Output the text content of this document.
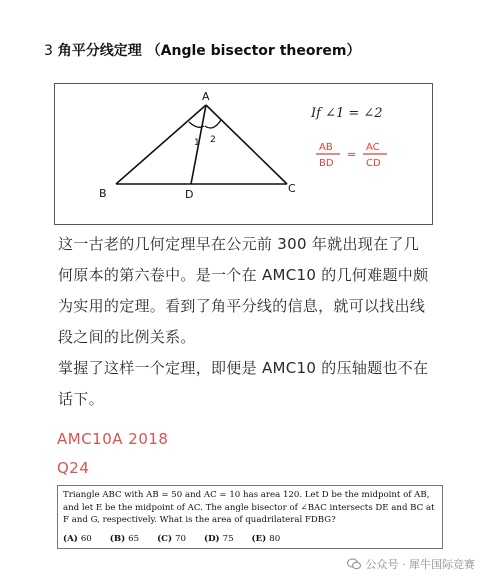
3 角平分线定理 （Angle bisector theorem）
A
B	C
D
1 2
If ∠1 = ∠2
AB
BD
=
AC
CD
这一古老的几何定理早在公元前 300 年就出现在了几何原本的第六卷中。是一个在 AMC10 的几何难题中颇为实用的定理。看到了角平分线的信息，就可以找出线段之间的比例关系。
掌握了这样一个定理，即便是 AMC10 的压轴题也不在话下。
AMC10A 2018
Q24
Triangle ABC with AB = 50 and AC = 10 has area 120. Let D be the midpoint of AB, and let E be the midpoint of AC. The angle bisector of ∠BAC intersects DE and BC at F and G, respectively. What is the area of quadrilateral FDBG?
(A) 60 (B) 65 (C) 70 (D) 75 (E) 80
公众号 · 犀牛国际竞赛
